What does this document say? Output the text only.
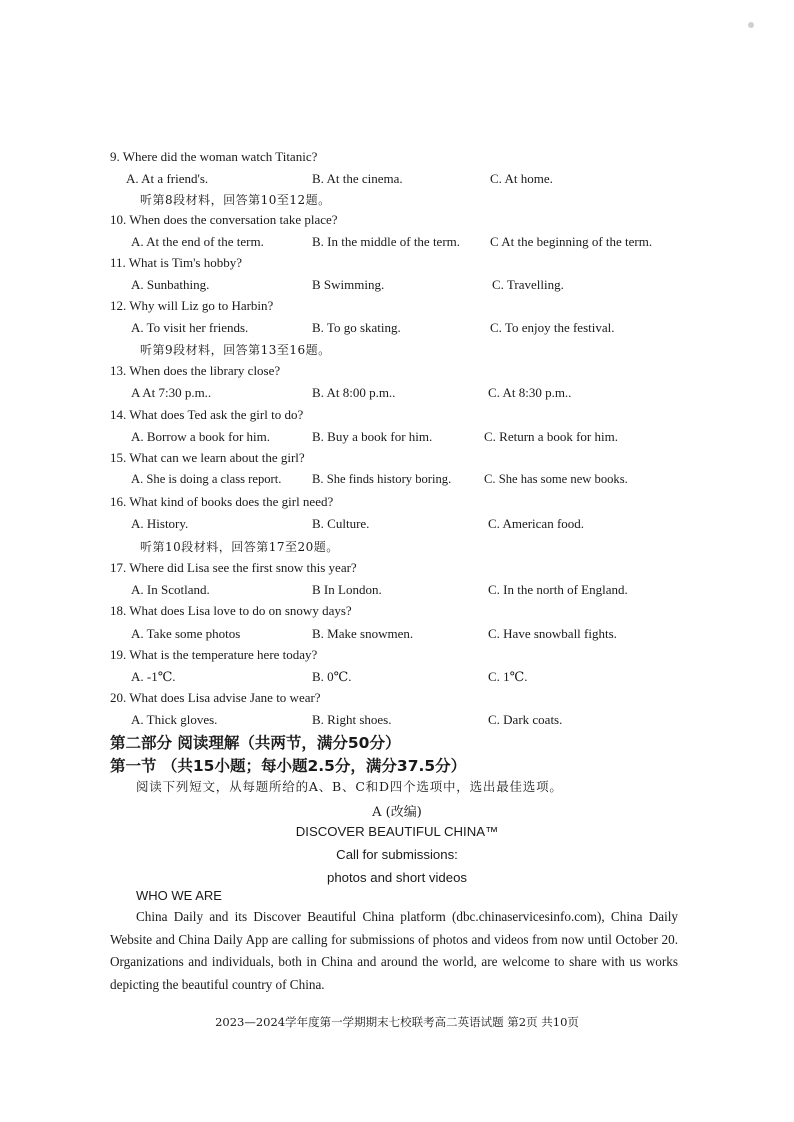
9. Where did the woman watch Titanic?
A. At a friend's.	B. At the cinema.	C. At home.
听第8段材料，回答第10至12题。
10. When does the conversation take place?
A. At the end of the term.	B. In the middle of the term. C At the beginning of the term.
11. What is Tim's hobby?
A. Sunbathing.	B Swimming.	C. Travelling.
12. Why will Liz go to Harbin?
A. To visit her friends.	B. To go skating.	C. To enjoy the festival.
听第9段材料，回答第13至16题。
13. When does the library close?
A At 7:30 p.m..	B. At 8:00 p.m..	C. At 8:30 p.m..
14. What does Ted ask the girl to do?
A. Borrow a book for him.	B. Buy a book for him.	C. Return a book for him.
15. What can we learn about the girl?
A. She is doing a class report. B. She finds history boring.	C. She has some new books.
16. What kind of books does the girl need?
A. History.	B. Culture.	C. American food.
听第10段材料，回答第17至20题。
17. Where did Lisa see the first snow this year?
A. In Scotland.	B In London.	C. In the north of England.
18. What does Lisa love to do on snowy days?
A. Take some photos	B. Make snowmen.	C. Have snowball fights.
19. What is the temperature here today?
A. -1℃.	B. 0℃.	C. 1℃.
20. What does Lisa advise Jane to wear?
A. Thick gloves.	B. Right shoes.	C. Dark coats.
第二部分 阅读理解（共两节，满分50分）
第一节 （共15小题；每小题2.5分，满分37.5分）
阅读下列短文，从每题所给的A、B、C和D四个选项中，选出最佳选项。
A (改编)
DISCOVER BEAUTIFUL CHINA™
Call for submissions:
photos and short videos
WHO WE ARE
China Daily and its Discover Beautiful China platform (dbc.chinaservicesinfo.com), China Daily Website and China Daily App are calling for submissions of photos and videos from now until October 20. Organizations and individuals, both in China and around the world, are welcome to share with us works depicting the beautiful country of China.
2023—2024学年度第一学期期末七校联考高二英语试题 第2页 共10页
